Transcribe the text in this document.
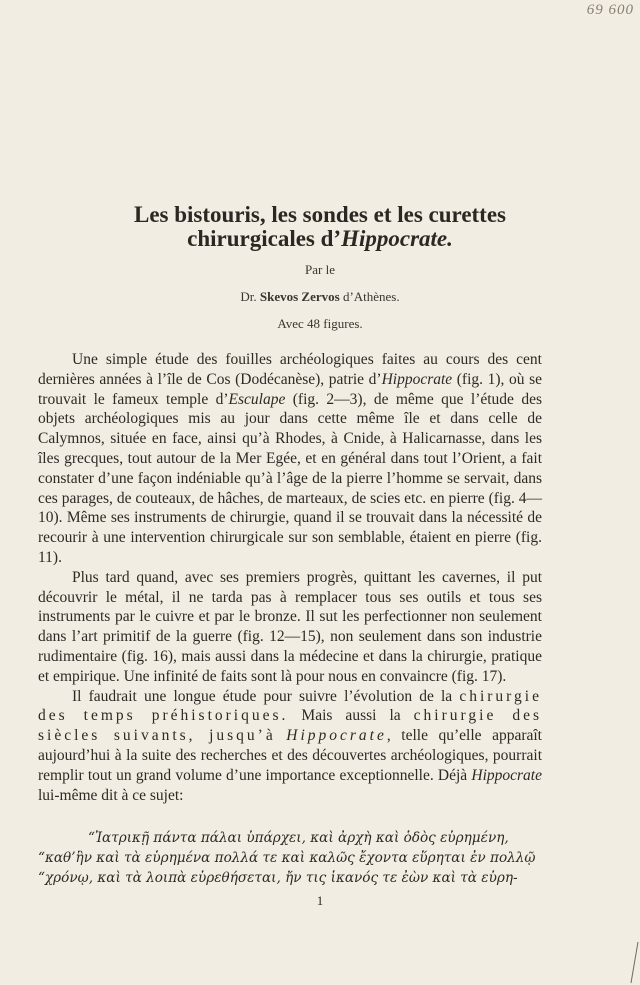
69 600
Les bistouris, les sondes et les curettes
chirurgicales d’Hippocrate.
Par le
Dr. Skevos Zervos d’Athènes.
Avec 48 figures.

Une simple étude des fouilles archéologiques faites au cours des cent dernières années à l’île de Cos (Dodécanèse), patrie d’Hippocrate (fig. 1), où se trouvait le fameux temple d’Esculape (fig. 2—3), de même que l’étude des objets archéologiques mis au jour dans cette même île et dans celle de Calymnos, située en face, ainsi qu’à Rhodes, à Cnide, à Halicarnasse, dans les îles grecques, tout autour de la Mer Egée, et en général dans tout l’Orient, a fait constater d’une façon indéniable qu’à l’âge de la pierre l’homme se servait, dans ces parages, de couteaux, de hâches, de marteaux, de scies etc. en pierre (fig. 4—10). Même ses instruments de chirurgie, quand il se trouvait dans la nécessité de recourir à une intervention chirurgicale sur son semblable, étaient en pierre (fig. 11).

Plus tard quand, avec ses premiers progrès, quittant les cavernes, il put découvrir le métal, il ne tarda pas à remplacer tous ses outils et tous ses instruments par le cuivre et par le bronze. Il sut les perfectionner non seulement dans l’art primitif de la guerre (fig. 12—15), non seulement dans son industrie rudimentaire (fig. 16), mais aussi dans la médecine et dans la chirurgie, pratique et empirique. Une infinité de faits sont là pour nous en convaincre (fig. 17).

Il faudrait une longue étude pour suivre l’évolution de la chirurgie des temps préhistoriques. Mais aussi la chirurgie des siècles suivants, jusqu’à Hippocrate, telle qu’elle apparaît aujourd’hui à la suite des recherches et des découvertes archéologiques, pourrait remplir tout un grand volume d’une importance exceptionnelle. Déjà Hippocrate lui-même dit à ce sujet:

“Ἰατρικῇ πάντα πάλαι ὑπάρχει, καὶ ἀρχὴ καὶ ὁδὸς εὑρημένη,
“καθ’ἣν καὶ τὰ εὑρημένα πολλά τε καὶ καλῶς ἔχοντα εὕρηται ἐν πολλῷ
“χρόνῳ, καὶ τὰ λοιπὰ εὑρεθήσεται, ἤν τις ἱκανός τε ἐὼν καὶ τὰ εὑρη-
1
